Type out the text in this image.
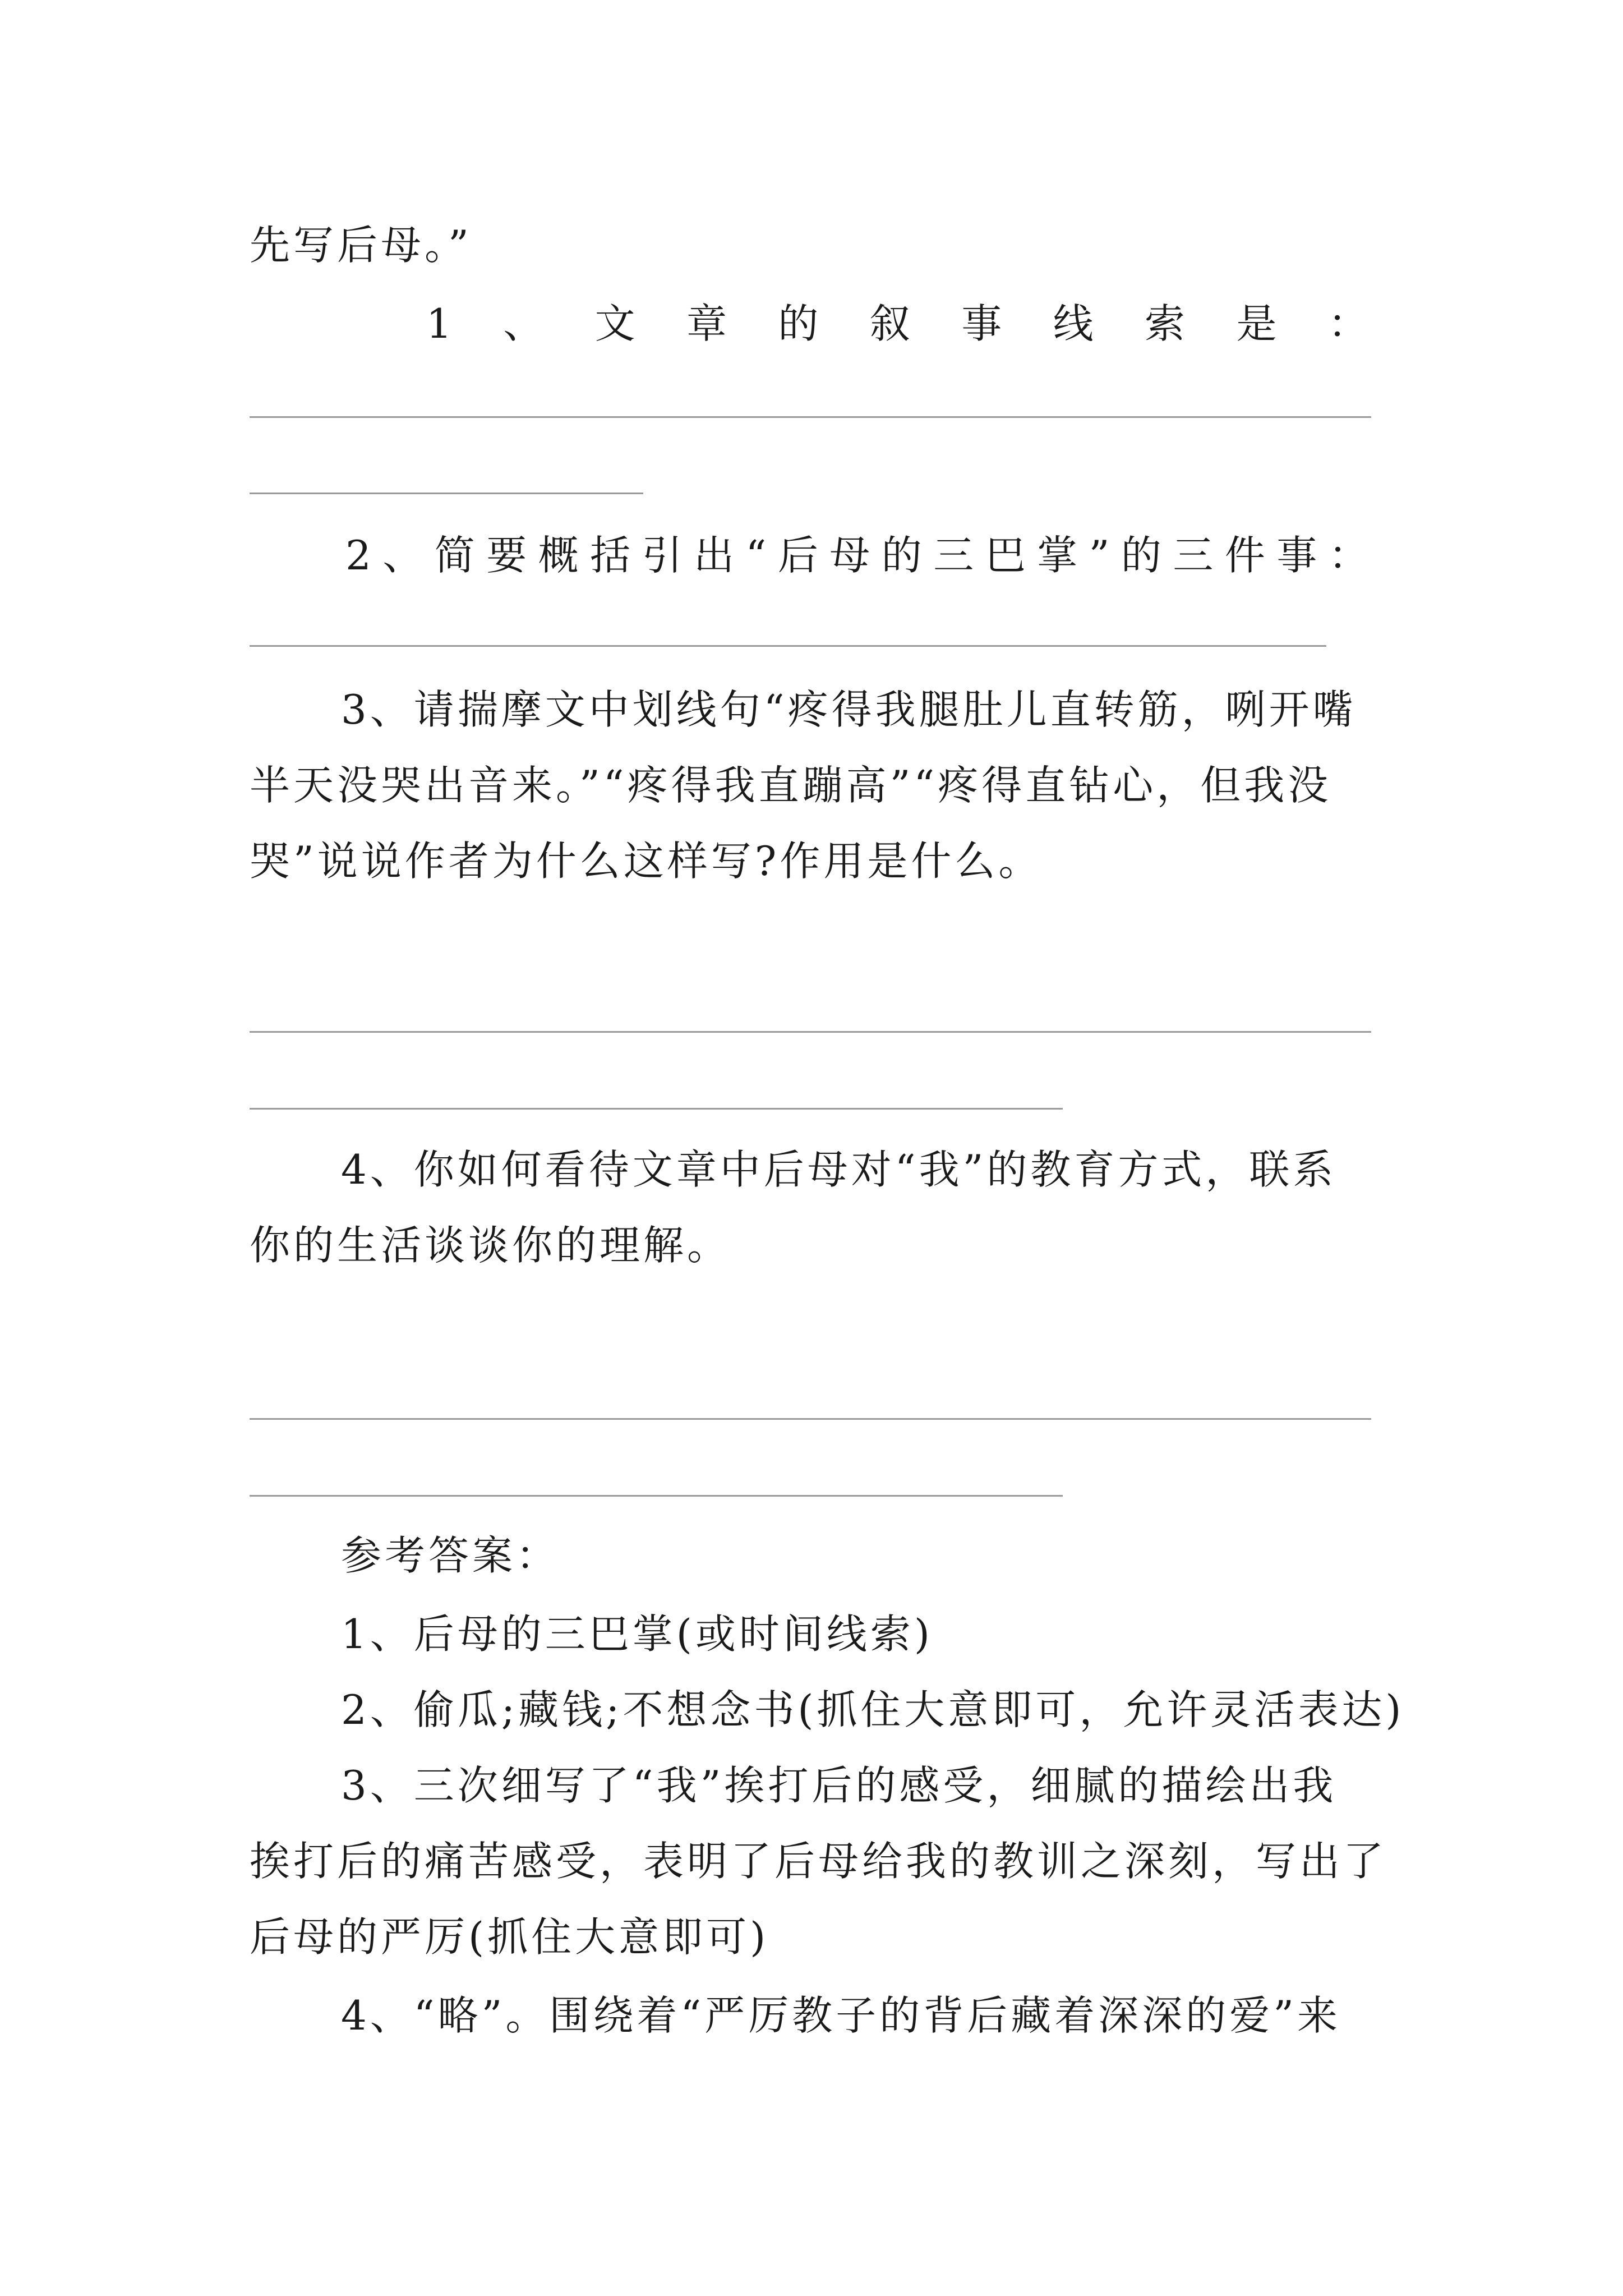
先写后母。”
1 、 文 章 的 叙 事 线 索 是 ：
2 、 简 要 概 括 引 出 “ 后 母 的 三 巴 掌 ” 的 三 件 事 ：
3、请揣摩文中划线句“疼得我腿肚儿直转筋，咧开嘴
半天没哭出音来。”“疼得我直蹦高”“疼得直钻心，但我没
哭”说说作者为什么这样写?作用是什么。
4、你如何看待文章中后母对“我”的教育方式，联系
你的生活谈谈你的理解。
参考答案：
1、后母的三巴掌(或时间线索)
2、偷瓜;藏钱;不想念书(抓住大意即可，允许灵活表达)
3、三次细写了“我”挨打后的感受，细腻的描绘出我
挨打后的痛苦感受，表明了后母给我的教训之深刻，写出了
后母的严厉(抓住大意即可)
4、“略”。围绕着“严厉教子的背后藏着深深的爱”来
